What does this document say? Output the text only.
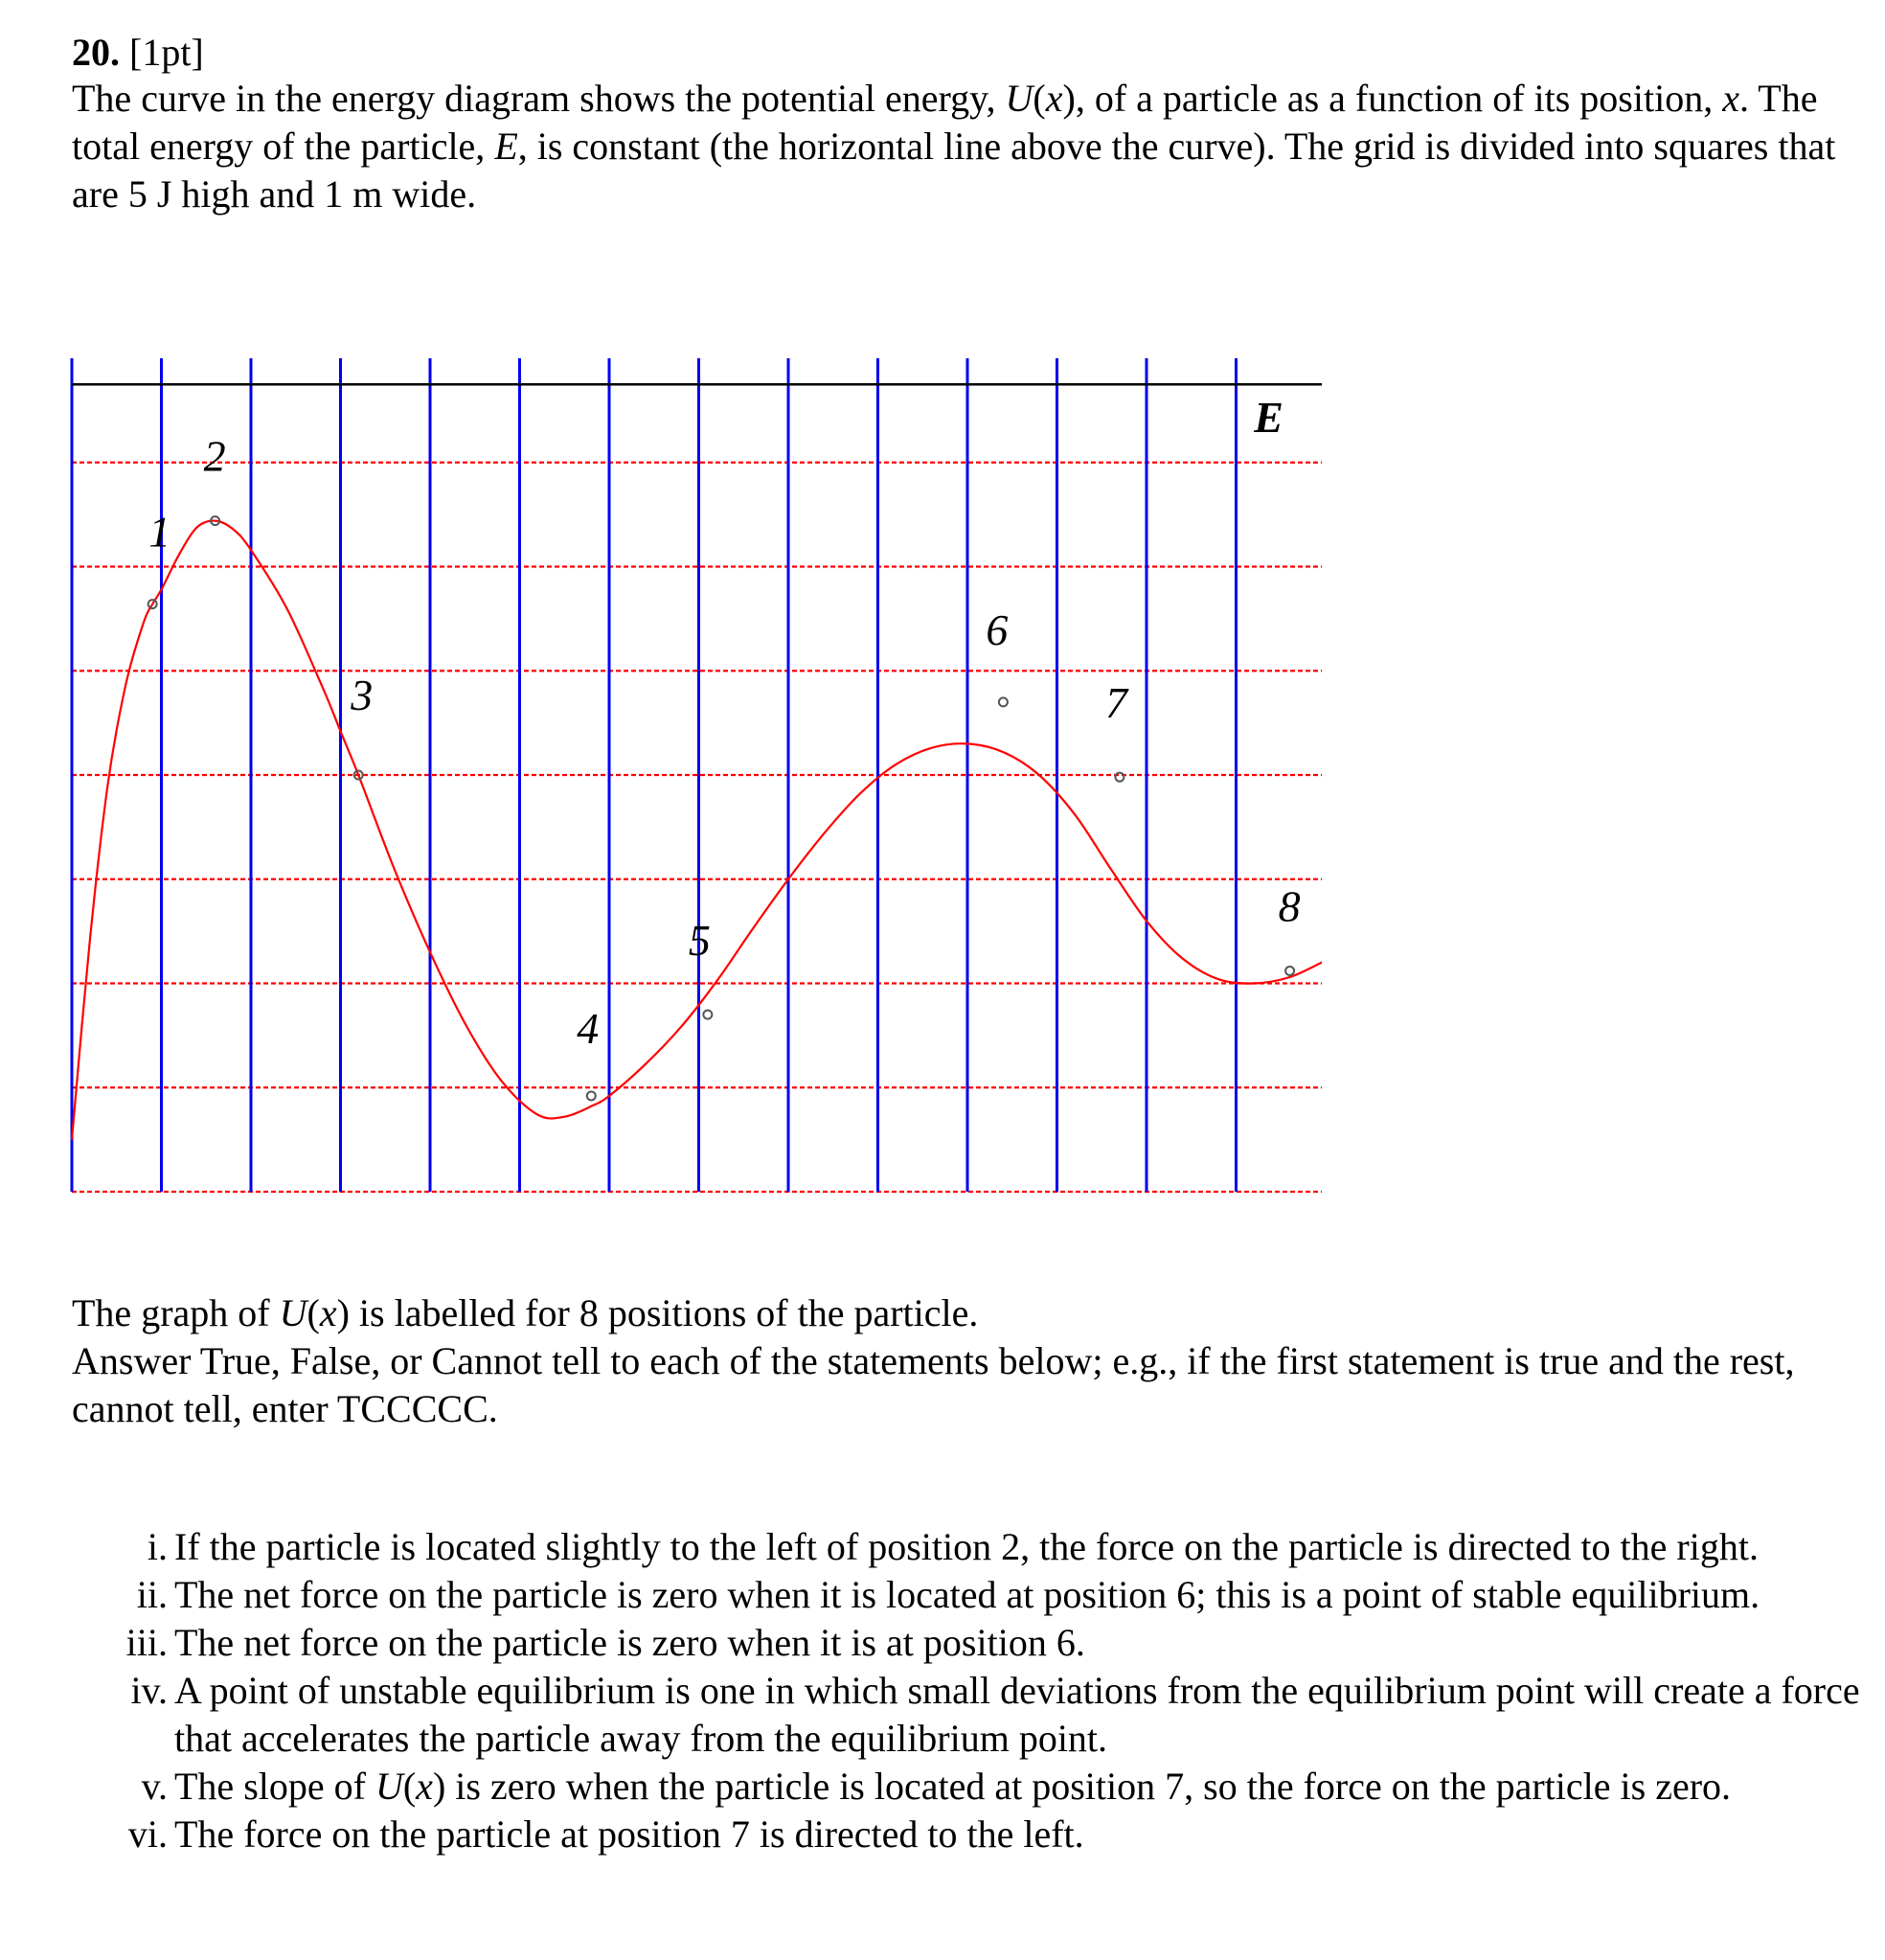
20. [1pt]

The curve in the energy diagram shows the potential energy, U(x), of a particle as a function of its position, x. The total energy of the particle, E, is constant (the horizontal line above the curve). The grid is divided into squares that are 5 J high and 1 m wide.

E
1
2
3
4
5
6
7
8

The graph of U(x) is labelled for 8 positions of the particle.

Answer True, False, or Cannot tell to each of the statements below; e.g., if the first statement is true and the rest, cannot tell, enter TCCCCC.

i. If the particle is located slightly to the left of position 2, the force on the particle is directed to the right.
ii. The net force on the particle is zero when it is located at position 6; this is a point of stable equilibrium.
iii. The net force on the particle is zero when it is at position 6.
iv. A point of unstable equilibrium is one in which small deviations from the equilibrium point will create a force that accelerates the particle away from the equilibrium point.
v. The slope of U(x) is zero when the particle is located at position 7, so the force on the particle is zero.
vi. The force on the particle at position 7 is directed to the left.
